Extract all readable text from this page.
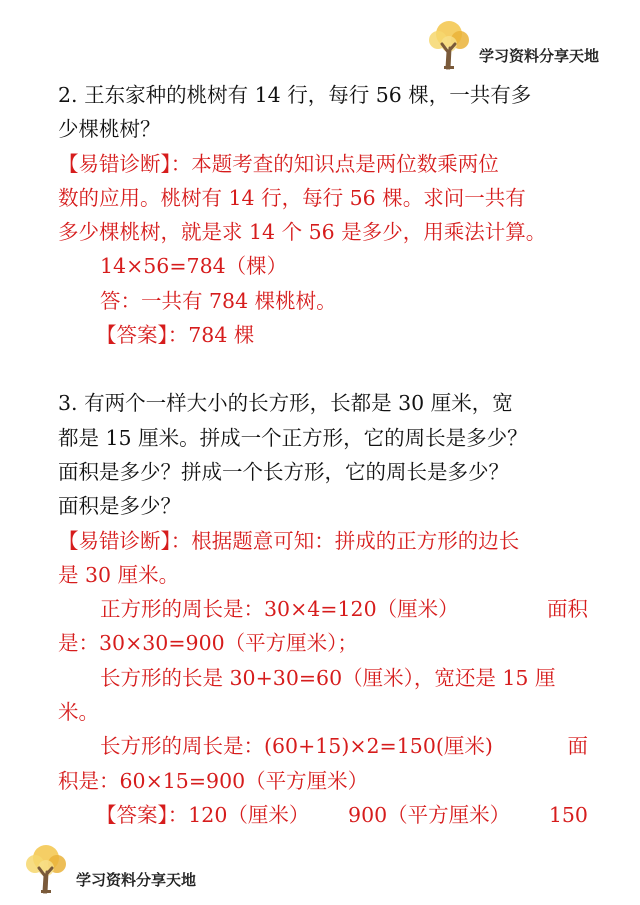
学习资料分享天地
2. 王东家种的桃树有 14 行，每行 56 棵，一共有多
少棵桃树？
【易错诊断】：本题考查的知识点是两位数乘两位
数的应用。桃树有 14 行，每行 56 棵。求问一共有
多少棵桃树，就是求 14 个 56 是多少，用乘法计算。
14×56=784（棵）
答：一共有 784 棵桃树。
【答案】：784 棵
3. 有两个一样大小的长方形，长都是 30 厘米，宽
都是 15 厘米。拼成一个正方形，它的周长是多少？
面积是多少？拼成一个长方形，它的周长是多少？
面积是多少？
【易错诊断】：根据题意可知：拼成的正方形的边长
是 30 厘米。
正方形的周长是：30×4=120（厘米）	面积
是：30×30=900（平方厘米）；
长方形的长是 30+30=60（厘米），宽还是 15 厘
米。
长方形的周长是：(60+15)×2=150(厘米)	面
积是：60×15=900（平方厘米）
【答案】：120（厘米） 900（平方厘米） 150
学习资料分享天地
